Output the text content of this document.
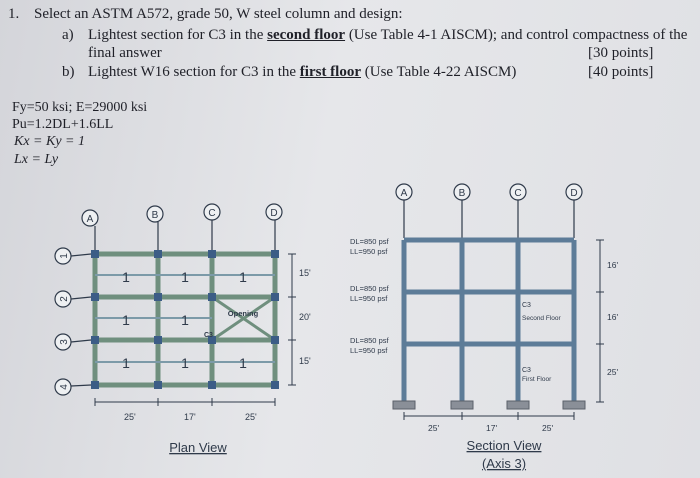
1. Select an ASTM A572, grade 50, W steel column and design:
a) Lightest section for C3 in the second floor (Use Table 4-1 AISCM); and control compactness of the
final answer	[30 points]
b) Lightest W16 section for C3 in the first floor (Use Table 4-22 AISCM)	[40 points]
Fy=50 ksi; E=29000 ksi
Pu=1.2DL+1.6LL
Kx = Ky = 1
Lx = Ly
A	B	C	D
1
2
3
4
1	1	1
1	1
1	1	1
Opening
C3
15'
20'
15'
25'	17'	25'
Plan View
A	B	C	D
DL=850 psf
LL=950 psf
DL=850 psf
LL=950 psf
DL=850 psf
LL=950 psf
C3
Second Floor
C3
First Floor
16'
16'
25'
25'	17'	25'
Section View
(Axis 3)
